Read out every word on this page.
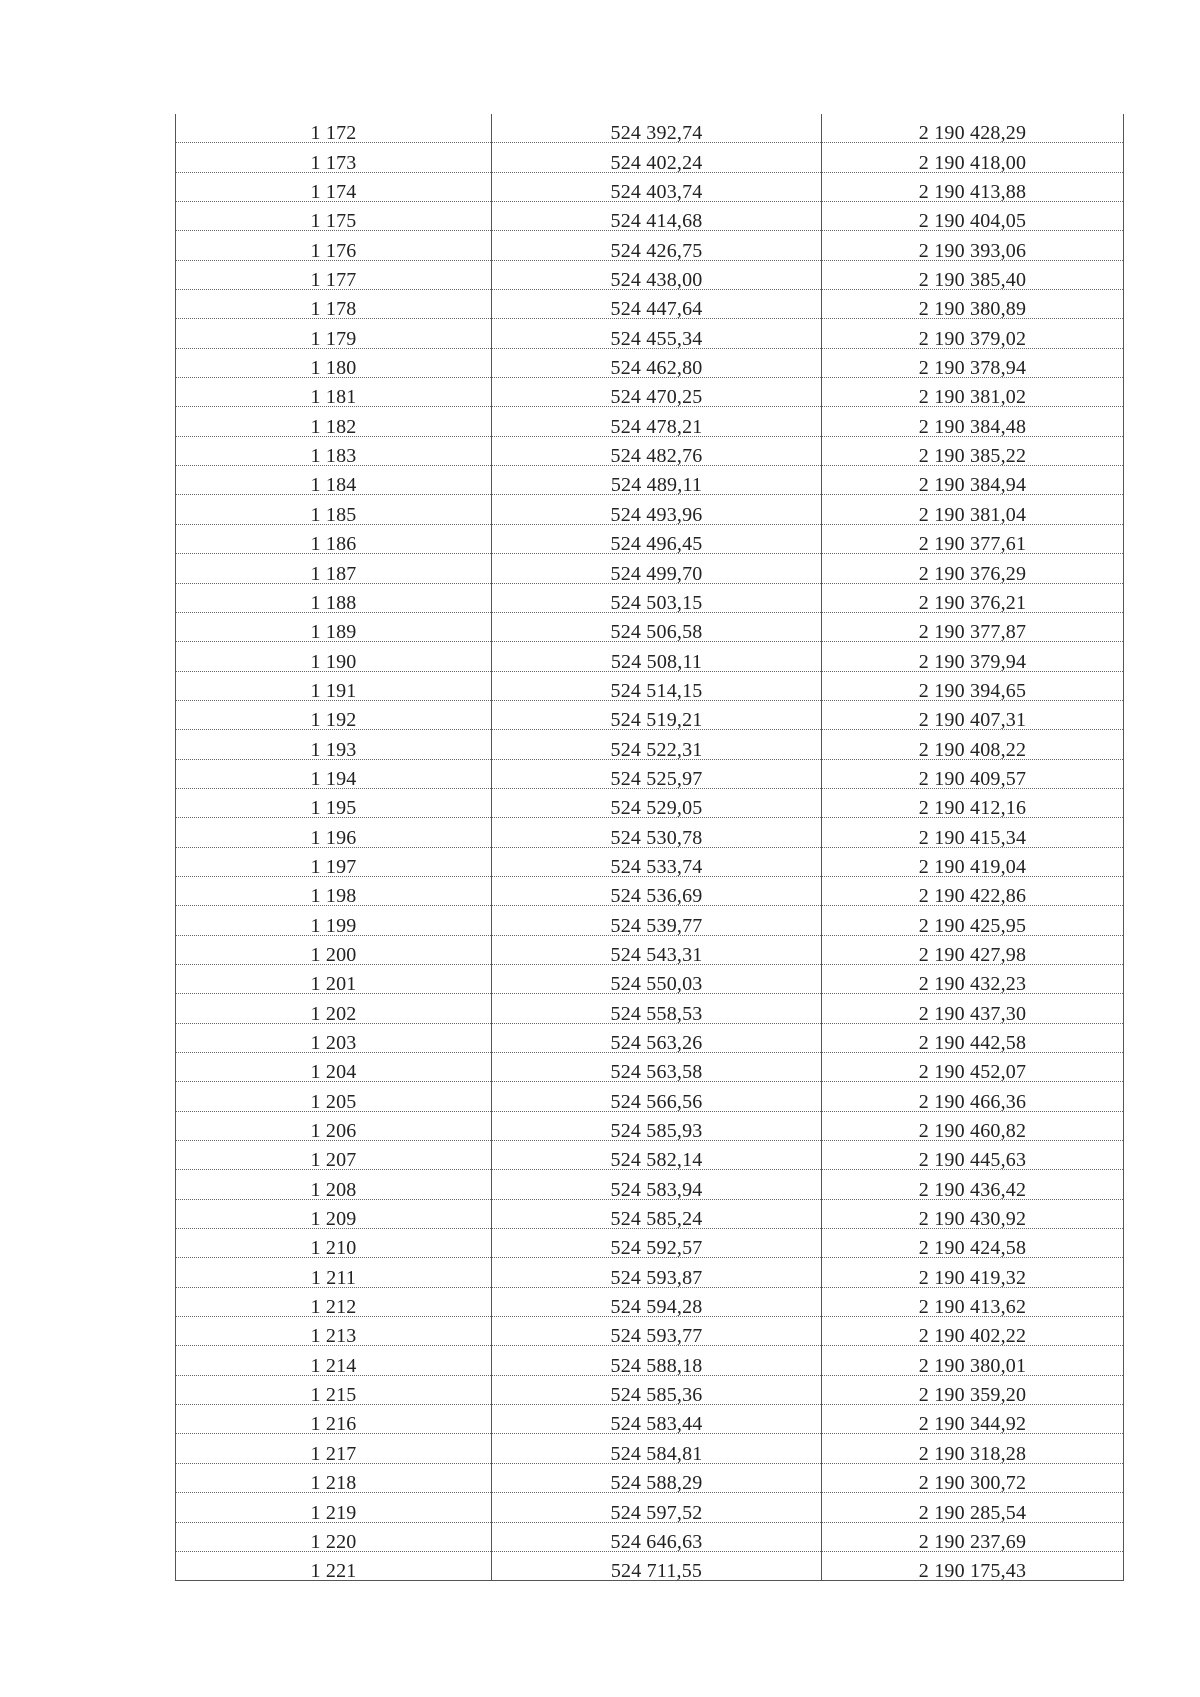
1 172	524 392,74	2 190 428,29
1 173	524 402,24	2 190 418,00
1 174	524 403,74	2 190 413,88
1 175	524 414,68	2 190 404,05
1 176	524 426,75	2 190 393,06
1 177	524 438,00	2 190 385,40
1 178	524 447,64	2 190 380,89
1 179	524 455,34	2 190 379,02
1 180	524 462,80	2 190 378,94
1 181	524 470,25	2 190 381,02
1 182	524 478,21	2 190 384,48
1 183	524 482,76	2 190 385,22
1 184	524 489,11	2 190 384,94
1 185	524 493,96	2 190 381,04
1 186	524 496,45	2 190 377,61
1 187	524 499,70	2 190 376,29
1 188	524 503,15	2 190 376,21
1 189	524 506,58	2 190 377,87
1 190	524 508,11	2 190 379,94
1 191	524 514,15	2 190 394,65
1 192	524 519,21	2 190 407,31
1 193	524 522,31	2 190 408,22
1 194	524 525,97	2 190 409,57
1 195	524 529,05	2 190 412,16
1 196	524 530,78	2 190 415,34
1 197	524 533,74	2 190 419,04
1 198	524 536,69	2 190 422,86
1 199	524 539,77	2 190 425,95
1 200	524 543,31	2 190 427,98
1 201	524 550,03	2 190 432,23
1 202	524 558,53	2 190 437,30
1 203	524 563,26	2 190 442,58
1 204	524 563,58	2 190 452,07
1 205	524 566,56	2 190 466,36
1 206	524 585,93	2 190 460,82
1 207	524 582,14	2 190 445,63
1 208	524 583,94	2 190 436,42
1 209	524 585,24	2 190 430,92
1 210	524 592,57	2 190 424,58
1 211	524 593,87	2 190 419,32
1 212	524 594,28	2 190 413,62
1 213	524 593,77	2 190 402,22
1 214	524 588,18	2 190 380,01
1 215	524 585,36	2 190 359,20
1 216	524 583,44	2 190 344,92
1 217	524 584,81	2 190 318,28
1 218	524 588,29	2 190 300,72
1 219	524 597,52	2 190 285,54
1 220	524 646,63	2 190 237,69
1 221	524 711,55	2 190 175,43
